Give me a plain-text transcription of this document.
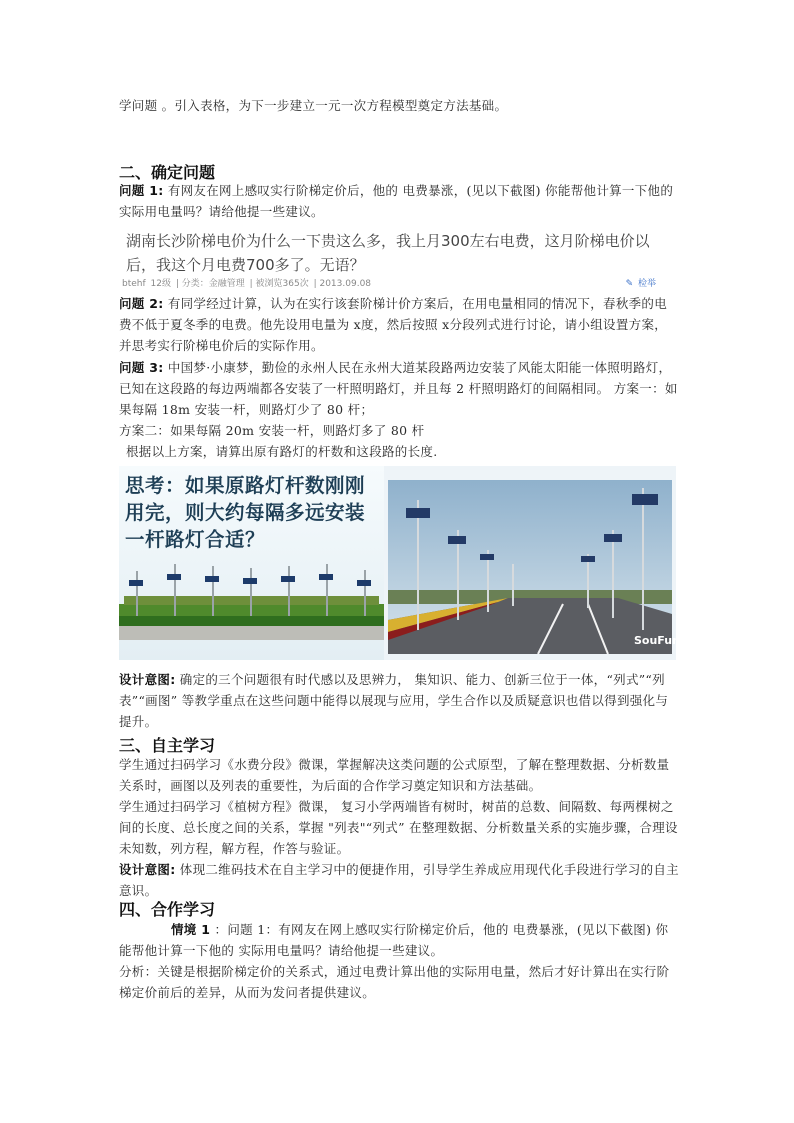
学问题 。引入表格，为下一步建立一元一次方程模型奠定方法基础。
二、确定问题
问题 1: 有网友在网上感叹实行阶梯定价后，他的 电费暴涨，(见以下截图) 你能帮他计算一下他的 实际用电量吗？请给他提一些建议。
湖南长沙阶梯电价为什么一下贵这么多，我上月300左右电费，这月阶梯电价以后，我这个月电费700多了。无语？
btehf 12级 | 分类：金融管理 | 被浏览365次 | 2013.09.08	✎ 检举
问题 2: 有同学经过计算，认为在实行该套阶梯计价方案后，在用电量相同的情况下，春秋季的电费不低于夏冬季的电费。他先设用电量为 x度，然后按照 x分段列式进行讨论，请小组设置方案，并思考实行阶梯电价后的实际作用。
问题 3: 中国梦·小康梦，勤俭的永州人民在永州大道某段路两边安装了风能太阳能一体照明路灯，已知在这段路的每边两端都各安装了一杆照明路灯，并且每 2 杆照明路灯的间隔相同。 方案一：如果每隔 18m 安装一杆，则路灯少了 80 杆；
方案二：如果每隔 20m 安装一杆，则路灯多了 80 杆
根据以上方案，请算出原有路灯的杆数和这段路的长度.
思考：如果原路灯杆数刚刚用完，则大约每隔多远安装一杆路灯合适？
SouFun
设计意图: 确定的三个问题很有时代感以及思辨力， 集知识、能力、创新三位于一体，“列式”“列表”“画图” 等教学重点在这些问题中能得以展现与应用，学生合作以及质疑意识也借以得到强化与提升。
三、自主学习
学生通过扫码学习《水费分段》微课，掌握解决这类问题的公式原型，了解在整理数据、分析数量关系时，画图以及列表的重要性，为后面的合作学习奠定知识和方法基础。
学生通过扫码学习《植树方程》微课， 复习小学两端皆有树时，树苗的总数、间隔数、每两棵树之间的长度、总长度之间的关系，掌握 "列表"“列式” 在整理数据、分析数量关系的实施步骤，合理设未知数，列方程，解方程，作答与验证。
设计意图: 体现二维码技术在自主学习中的便捷作用，引导学生养成应用现代化手段进行学习的自主意识。
四、合作学习
情境 1 ：问题 1：有网友在网上感叹实行阶梯定价后，他的 电费暴涨，(见以下截图) 你能帮他计算一下他的 实际用电量吗？请给他提一些建议。
分析：关键是根据阶梯定价的关系式，通过电费计算出他的实际用电量，然后才好计算出在实行阶梯定价前后的差异，从而为发问者提供建议。
